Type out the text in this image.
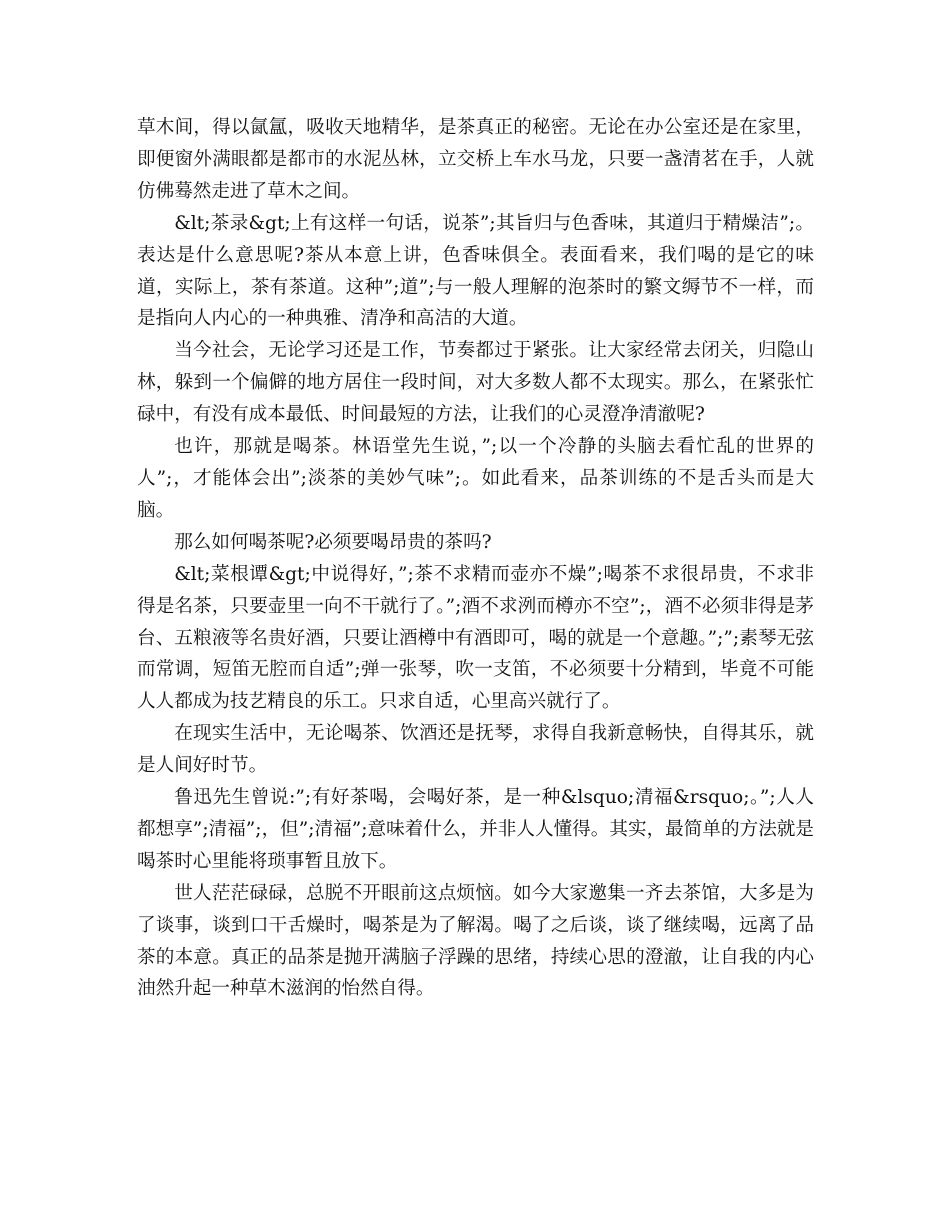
草木间，得以氤氲，吸收天地精华，是茶真正的秘密。无论在办公室还是在家里，即便窗外满眼都是都市的水泥丛林，立交桥上车水马龙，只要一盏清茗在手，人就仿佛蓦然走进了草木之间。

&lt;茶录&gt;上有这样一句话，说茶”;其旨归与色香味，其道归于精燥洁”;。表达是什么意思呢?茶从本意上讲，色香味俱全。表面看来，我们喝的是它的味道，实际上，茶有茶道。这种”;道”;与一般人理解的泡茶时的繁文缛节不一样，而是指向人内心的一种典雅、清净和高洁的大道。

当今社会，无论学习还是工作，节奏都过于紧张。让大家经常去闭关，归隐山林，躲到一个偏僻的地方居住一段时间，对大多数人都不太现实。那么，在紧张忙碌中，有没有成本最低、时间最短的方法，让我们的心灵澄净清澈呢?

也许，那就是喝茶。林语堂先生说，”;以一个冷静的头脑去看忙乱的世界的人”;，才能体会出”;淡茶的美妙气味”;。如此看来，品茶训练的不是舌头而是大脑。

那么如何喝茶呢?必须要喝昂贵的茶吗?

&lt;菜根谭&gt;中说得好，”;茶不求精而壶亦不燥”;喝茶不求很昂贵，不求非得是名茶，只要壶里一向不干就行了。”;酒不求洌而樽亦不空”;，酒不必须非得是茅台、五粮液等名贵好酒，只要让酒樽中有酒即可，喝的就是一个意趣。”;”;素琴无弦而常调，短笛无腔而自适”;弹一张琴，吹一支笛，不必须要十分精到，毕竟不可能人人都成为技艺精良的乐工。只求自适，心里高兴就行了。

在现实生活中，无论喝茶、饮酒还是抚琴，求得自我新意畅快，自得其乐，就是人间好时节。

鲁迅先生曾说:”;有好茶喝，会喝好茶，是一种&lsquo;清福&rsquo;。”;人人都想享”;清福”;，但”;清福”;意味着什么，并非人人懂得。其实，最简单的方法就是喝茶时心里能将琐事暂且放下。

世人茫茫碌碌，总脱不开眼前这点烦恼。如今大家邀集一齐去茶馆，大多是为了谈事，谈到口干舌燥时，喝茶是为了解渴。喝了之后谈，谈了继续喝，远离了品茶的本意。真正的品茶是抛开满脑子浮躁的思绪，持续心思的澄澈，让自我的内心油然升起一种草木滋润的怡然自得。
